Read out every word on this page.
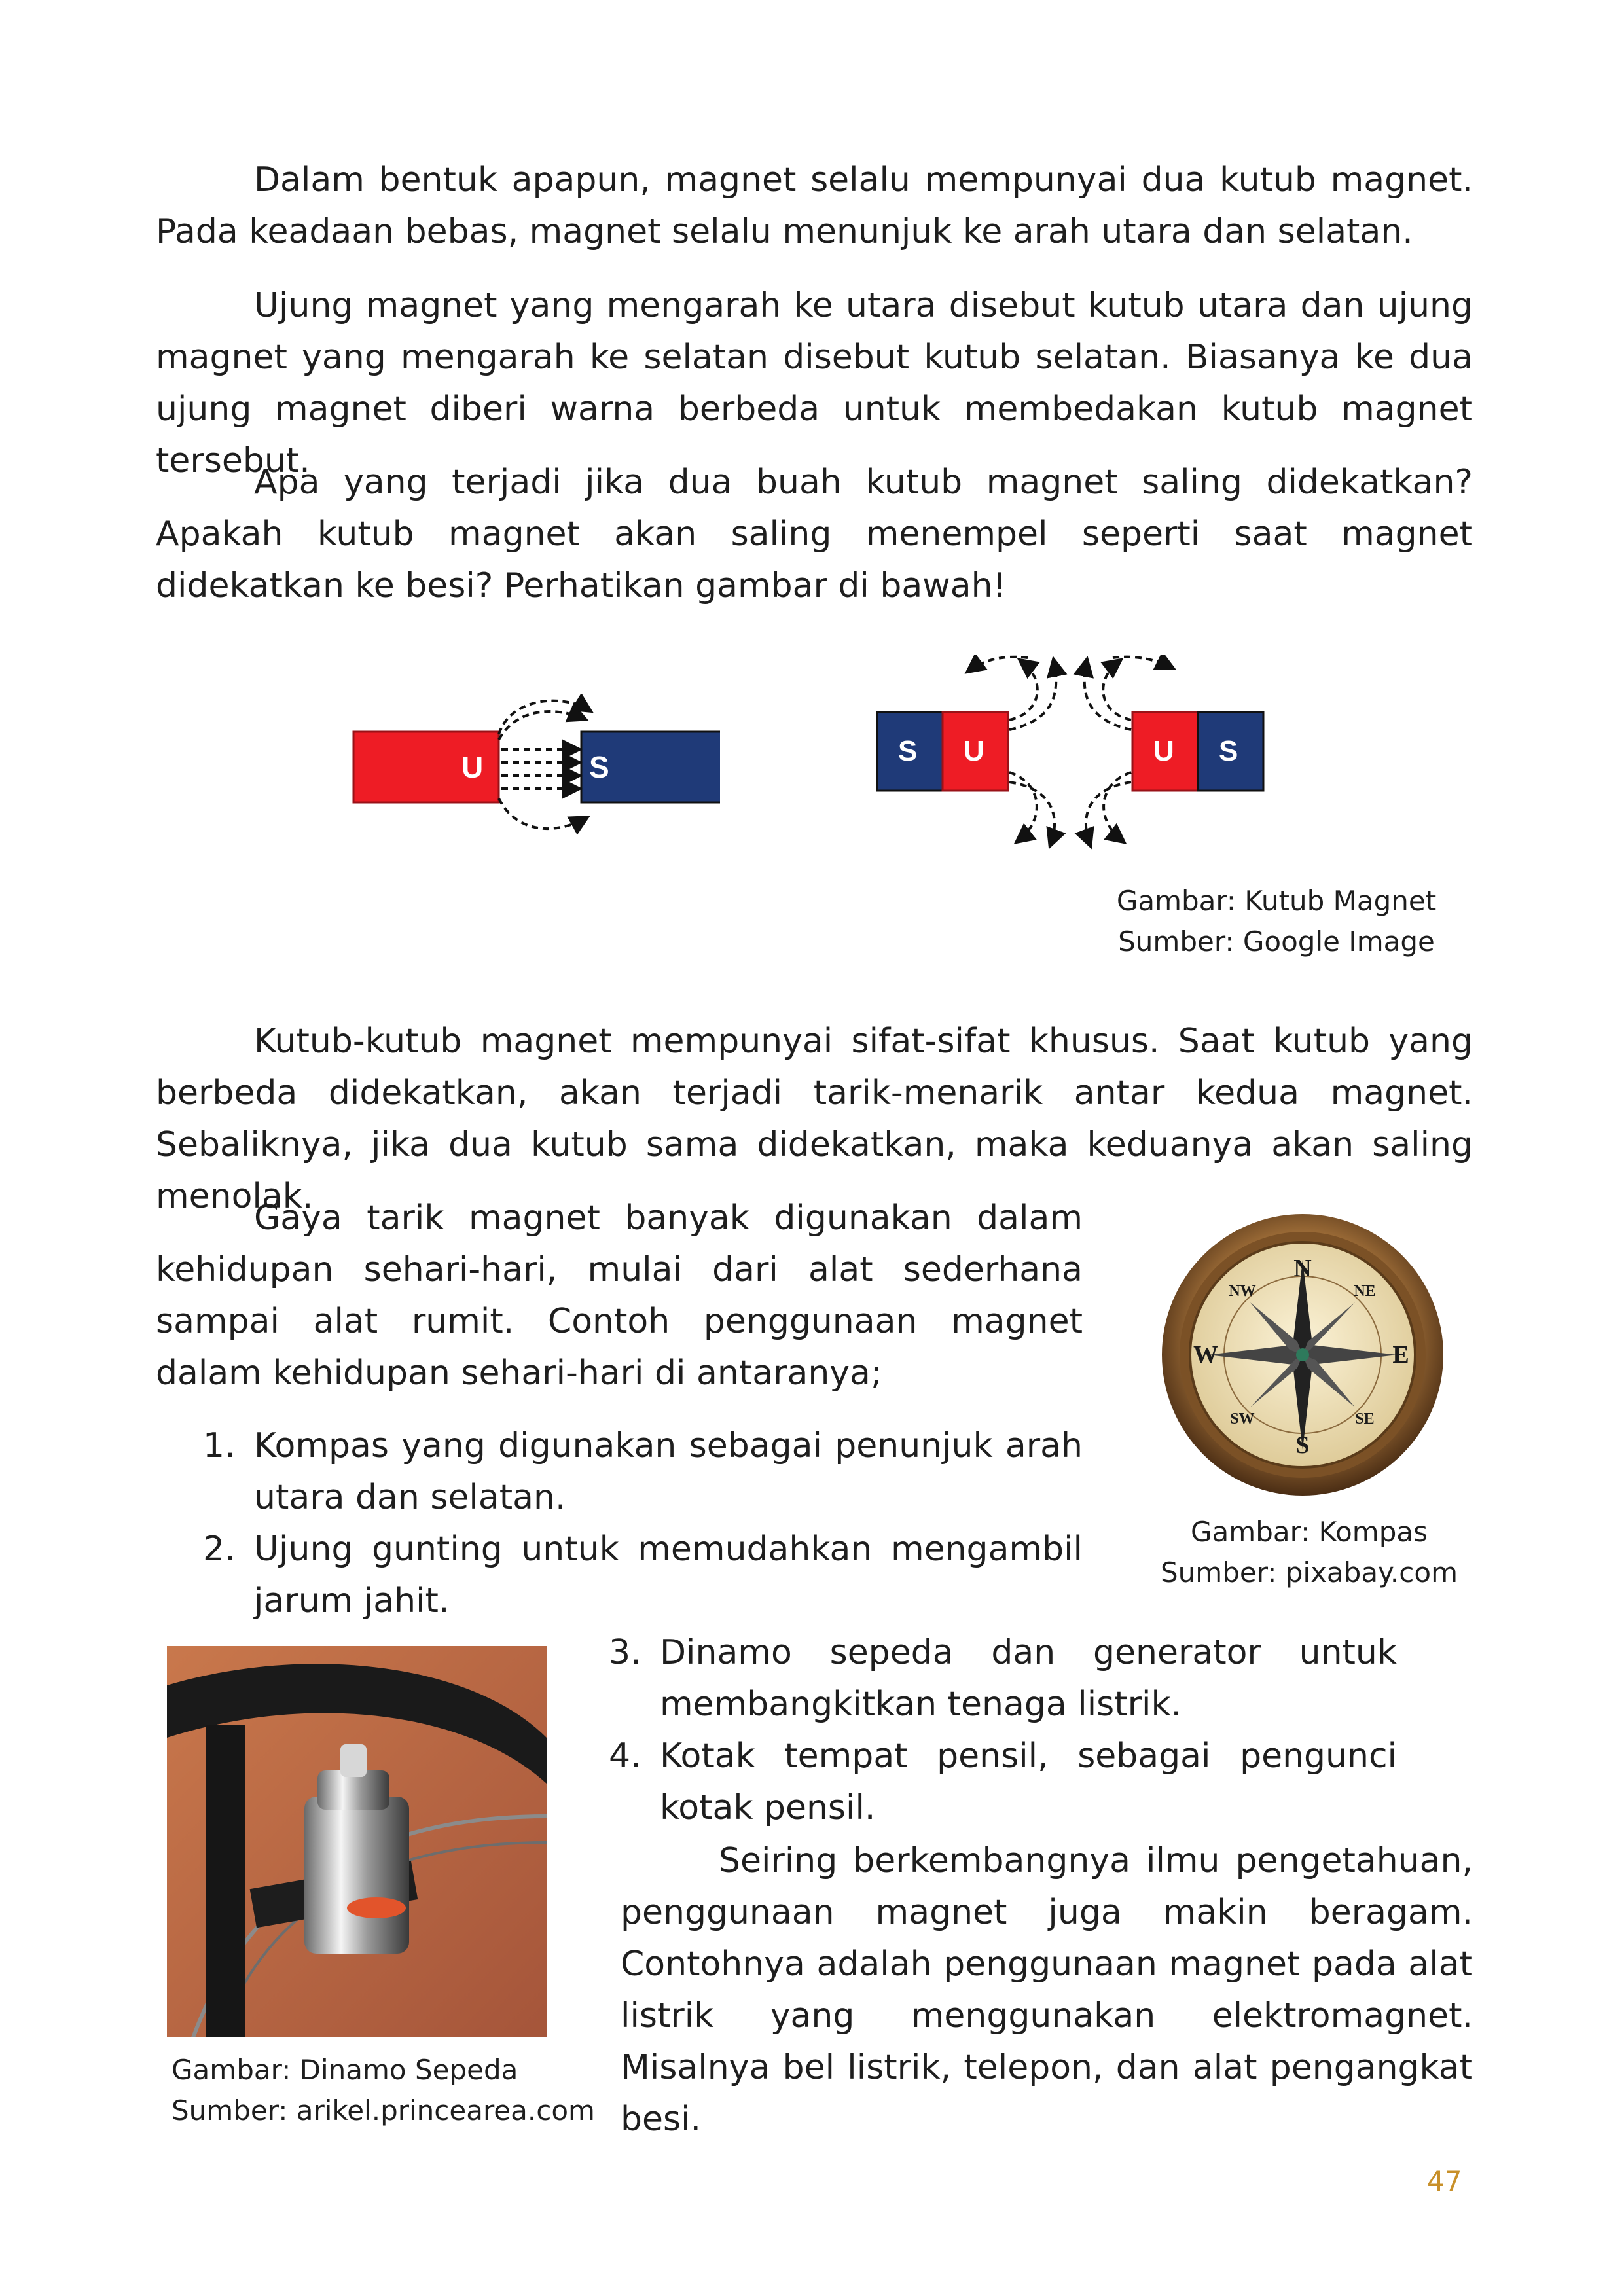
Dalam bentuk apapun, magnet selalu mempunyai dua kutub magnet. Pada keadaan bebas, magnet selalu menunjuk ke arah utara dan selatan.

Ujung magnet yang mengarah ke utara disebut kutub utara dan ujung magnet yang mengarah ke selatan disebut kutub selatan. Biasanya ke dua ujung magnet diberi warna berbeda untuk membedakan kutub magnet tersebut.

Apa yang terjadi jika dua buah kutub magnet saling didekatkan? Apakah kutub magnet akan saling menempel seperti saat magnet didekatkan ke besi? Perhatikan gambar di bawah!

U	S	S U	U S
Gambar: Kutub Magnet
Sumber: Google Image

Kutub-kutub magnet mempunyai sifat-sifat khusus. Saat kutub yang berbeda didekatkan, akan terjadi tarik-menarik antar kedua magnet. Sebaliknya, jika dua kutub sama didekatkan, maka keduanya akan saling menolak.

Gaya tarik magnet banyak digunakan dalam kehidupan sehari-hari, mulai dari alat sederhana sampai alat rumit. Contoh penggunaan magnet dalam kehidupan sehari-hari di antaranya;

N
S
E
W
NE
NW
SE
SW
Gambar: Kompas
Sumber: pixabay.com
1. Kompas yang digunakan sebagai penunjuk arah utara dan selatan.
2. Ujung gunting untuk memudahkan mengambil jarum jahit.
Gambar: Dinamo Sepeda
Sumber: arikel.princearea.com
3. Dinamo sepeda dan generator untuk membangkitkan tenaga listrik.
4. Kotak tempat pensil, sebagai pengunci kotak pensil.

Seiring berkembangnya ilmu pengetahuan, penggunaan magnet juga makin beragam. Contohnya adalah penggunaan magnet pada alat listrik yang menggunakan elektromagnet. Misalnya bel listrik, telepon, dan alat pengangkat besi.

47
